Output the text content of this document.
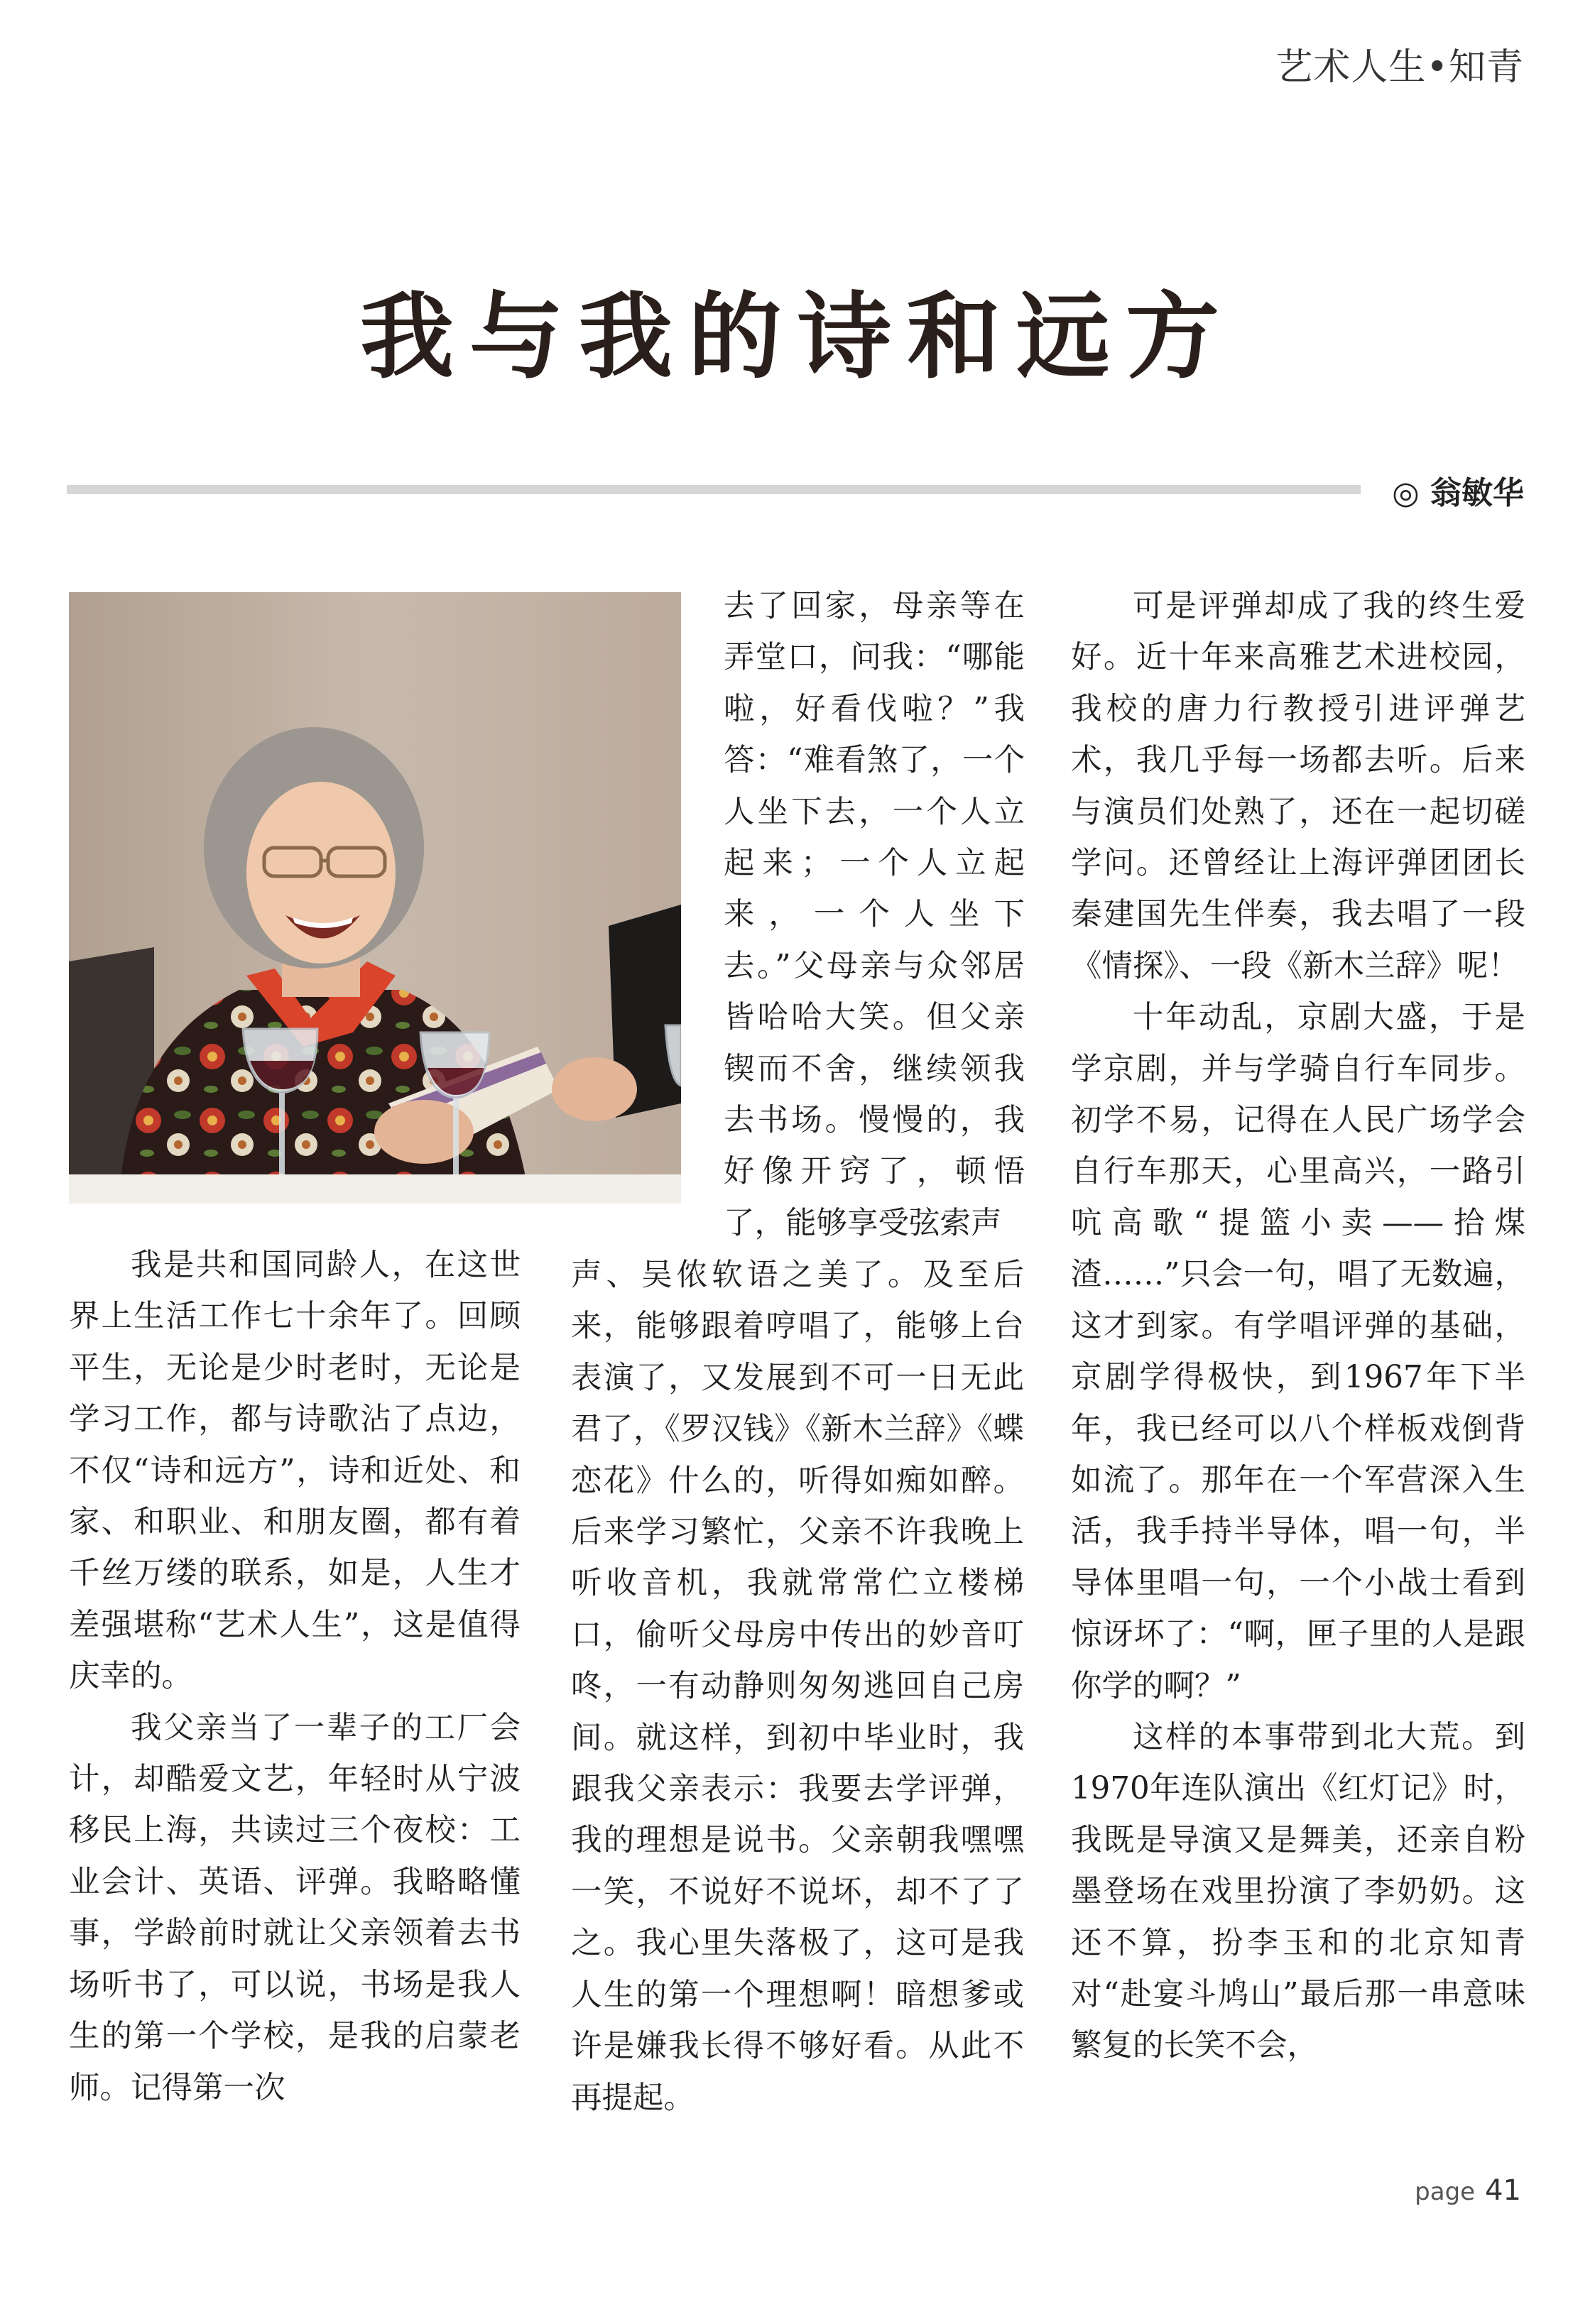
艺术人生•知青
我与我的诗和远方
◎ 翁敏华

去了回家，母亲等在弄堂口，问我：“哪能啦，好看伐啦？”我答：“难看煞了，一个人坐下去，一个人立起来；一个人立起来，一个人坐下去。”父母亲与众邻居皆哈哈大笑。但父亲锲而不舍，继续领我去书场。慢慢的，我好像开窍了，顿悟了，能够享受弦索声

声、吴侬软语之美了。及至后来，能够跟着哼唱了，能够上台表演了，又发展到不可一日无此君了，《罗汉钱》《新木兰辞》《蝶恋花》什么的，听得如痴如醉。后来学习繁忙，父亲不许我晚上听收音机，我就常常伫立楼梯口，偷听父母房中传出的妙音叮咚，一有动静则匆匆逃回自己房间。就这样，到初中毕业时，我跟我父亲表示：我要去学评弹，我的理想是说书。父亲朝我嘿嘿一笑，不说好不说坏，却不了了之。我心里失落极了，这可是我人生的第一个理想啊！暗想爹或许是嫌我长得不够好看。从此不再提起。

我是共和国同龄人，在这世界上生活工作七十余年了。回顾平生，无论是少时老时，无论是学习工作，都与诗歌沾了点边，不仅“诗和远方”，诗和近处、和家、和职业、和朋友圈，都有着千丝万缕的联系，如是，人生才差强堪称“艺术人生”，这是值得庆幸的。

我父亲当了一辈子的工厂会计，却酷爱文艺，年轻时从宁波移民上海，共读过三个夜校：工业会计、英语、评弹。我略略懂事，学龄前时就让父亲领着去书场听书了，可以说，书场是我人生的第一个学校，是我的启蒙老师。记得第一次

可是评弹却成了我的终生爱好。近十年来高雅艺术进校园，我校的唐力行教授引进评弹艺术，我几乎每一场都去听。后来与演员们处熟了，还在一起切磋学问。还曾经让上海评弹团团长秦建国先生伴奏，我去唱了一段《情探》、一段《新木兰辞》呢！

十年动乱，京剧大盛，于是学京剧，并与学骑自行车同步。初学不易，记得在人民广场学会自行车那天，心里高兴，一路引吭高歌“提篮小卖——拾煤渣……”只会一句，唱了无数遍，这才到家。有学唱评弹的基础，京剧学得极快，到1967年下半年，我已经可以八个样板戏倒背如流了。那年在一个军营深入生活，我手持半导体，唱一句，半导体里唱一句，一个小战士看到惊讶坏了：“啊，匣子里的人是跟你学的啊？”

这样的本事带到北大荒。到1970年连队演出《红灯记》时，我既是导演又是舞美，还亲自粉墨登场在戏里扮演了李奶奶。这还不算，扮李玉和的北京知青对“赴宴斗鸠山”最后那一串意味繁复的长笑不会，

page 41
